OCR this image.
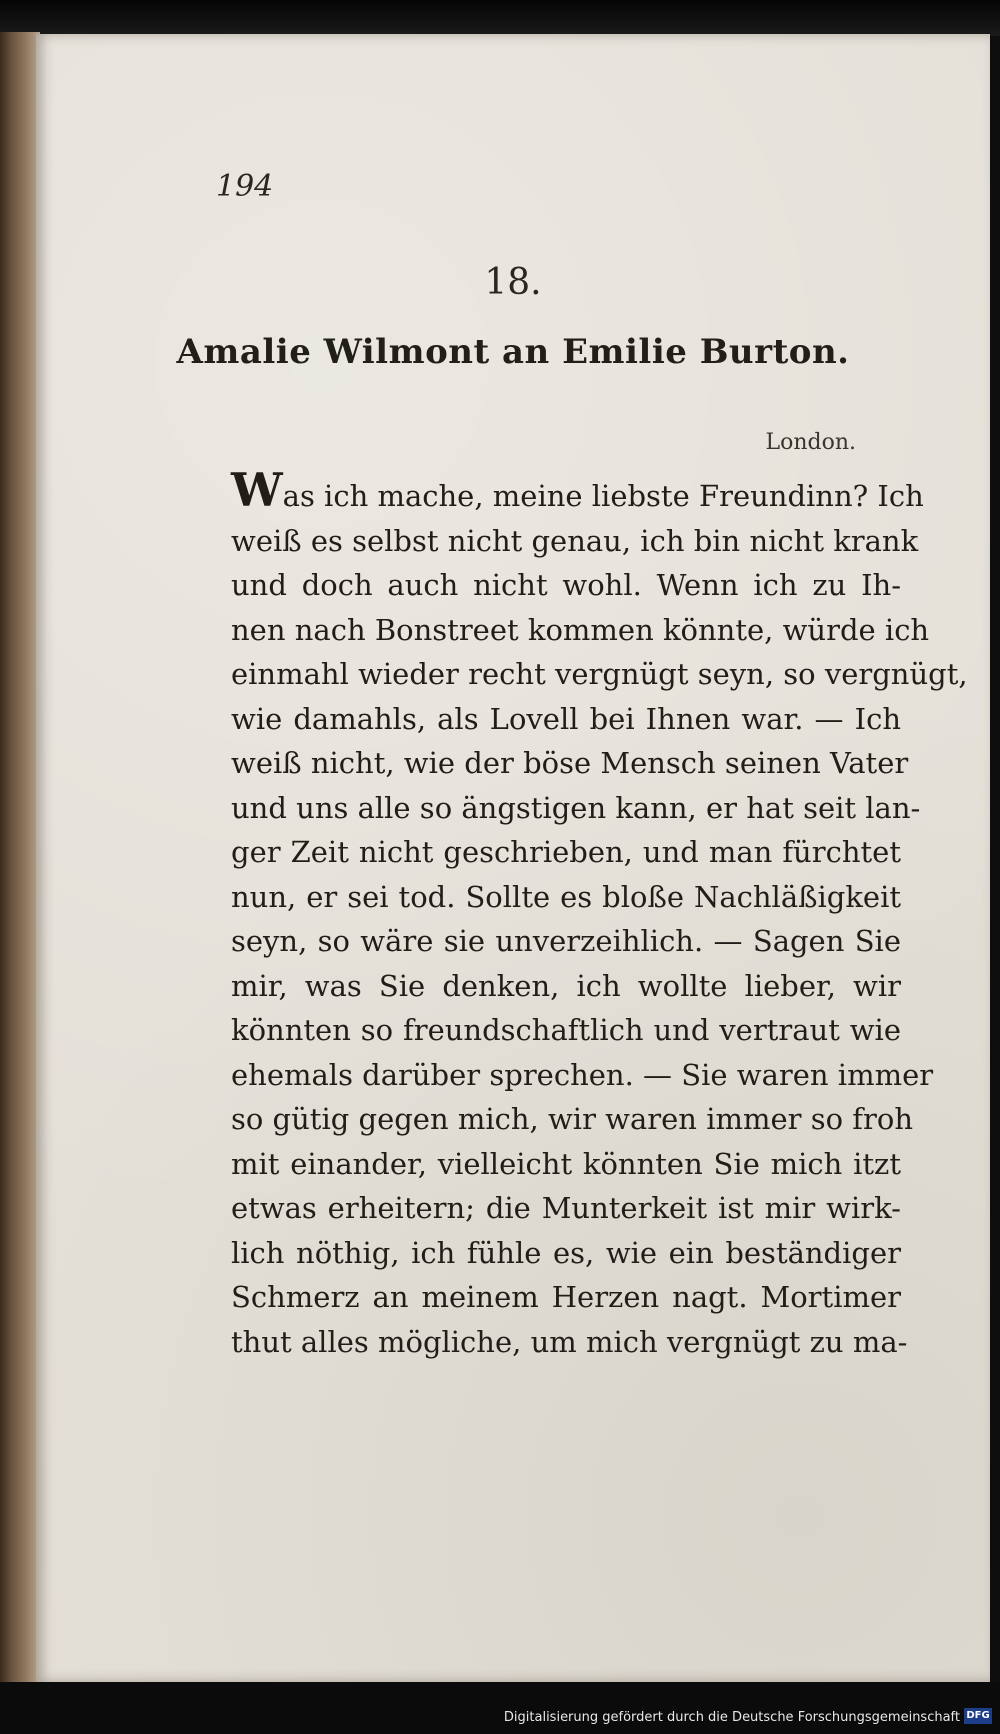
194
18.
Amalie Wilmont an Emilie Burton.
London.
Was ich mache, meine liebste Freundinn? Ich
weiß es selbst nicht genau, ich bin nicht krank
und doch auch nicht wohl. Wenn ich zu Ih-
nen nach Bonstreet kommen könnte, würde ich
einmahl wieder recht vergnügt seyn, so vergnügt,
wie damahls, als Lovell bei Ihnen war. — Ich
weiß nicht, wie der böse Mensch seinen Vater
und uns alle so ängstigen kann, er hat seit lan-
ger Zeit nicht geschrieben, und man fürchtet
nun, er sei tod. Sollte es bloße Nachläßigkeit
seyn, so wäre sie unverzeihlich. — Sagen Sie
mir, was Sie denken, ich wollte lieber, wir
könnten so freundschaftlich und vertraut wie
ehemals darüber sprechen. — Sie waren immer
so gütig gegen mich, wir waren immer so froh
mit einander, vielleicht könnten Sie mich itzt
etwas erheitern; die Munterkeit ist mir wirk-
lich nöthig, ich fühle es, wie ein beständiger
Schmerz an meinem Herzen nagt. Mortimer
thut alles mögliche, um mich vergnügt zu ma-
Digitalisierung gefördert durch die Deutsche Forschungsgemeinschaft DFG
